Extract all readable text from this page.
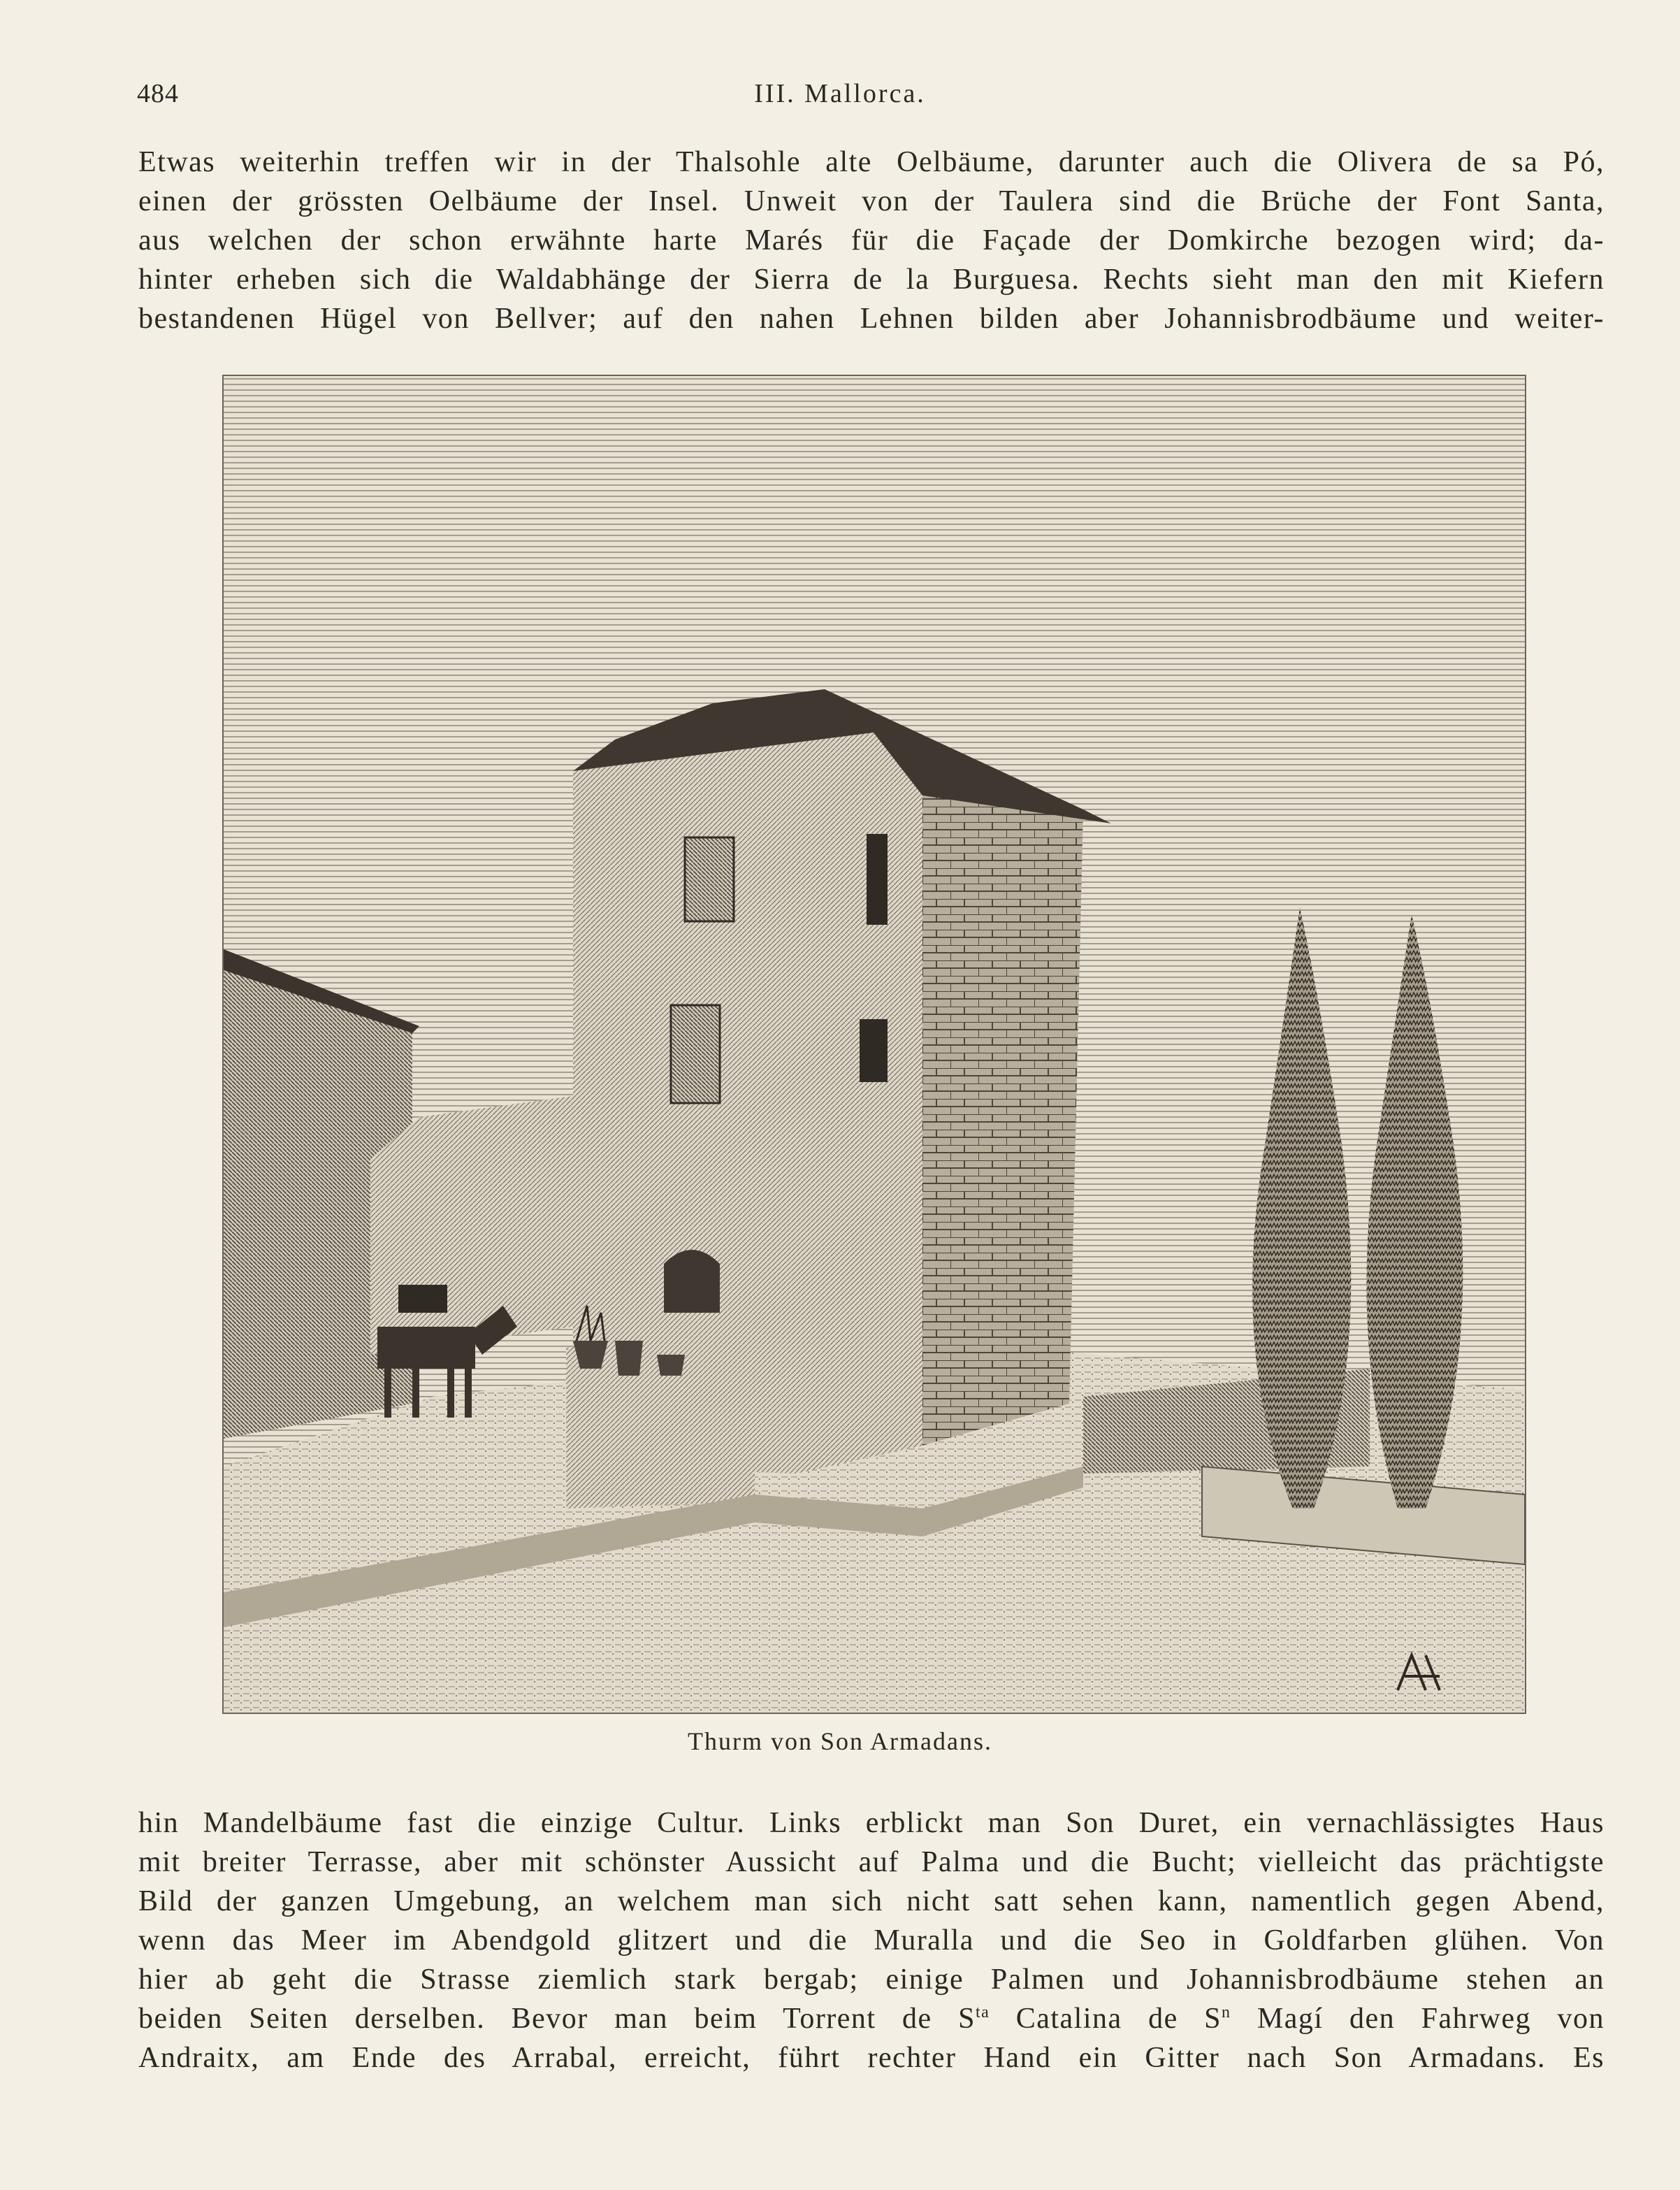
484	III. Mallorca.
Etwas weiterhin treffen wir in der Thalsohle alte Oelbäume, darunter auch die Olivera de sa Pó,
einen der grössten Oelbäume der Insel. Unweit von der Taulera sind die Brüche der Font Santa,
aus welchen der schon erwähnte harte Marés für die Façade der Domkirche bezogen wird; da-
hinter erheben sich die Waldabhänge der Sierra de la Burguesa. Rechts sieht man den mit Kiefern
bestandenen Hügel von Bellver; auf den nahen Lehnen bilden aber Johannisbrodbäume und weiter-
Thurm von Son Armadans.
hin Mandelbäume fast die einzige Cultur. Links erblickt man Son Duret, ein vernachlässigtes Haus
mit breiter Terrasse, aber mit schönster Aussicht auf Palma und die Bucht; vielleicht das prächtigste
Bild der ganzen Umgebung, an welchem man sich nicht satt sehen kann, namentlich gegen Abend,
wenn das Meer im Abendgold glitzert und die Muralla und die Seo in Goldfarben glühen. Von
hier ab geht die Strasse ziemlich stark bergab; einige Palmen und Johannisbrodbäume stehen an
beiden Seiten derselben. Bevor man beim Torrent de $S^{ta}$ Catalina de $S^n$ Magí den Fahrweg von
Andraitx, am Ende des Arrabal, erreicht, führt rechter Hand ein Gitter nach Son Armadans. Es
